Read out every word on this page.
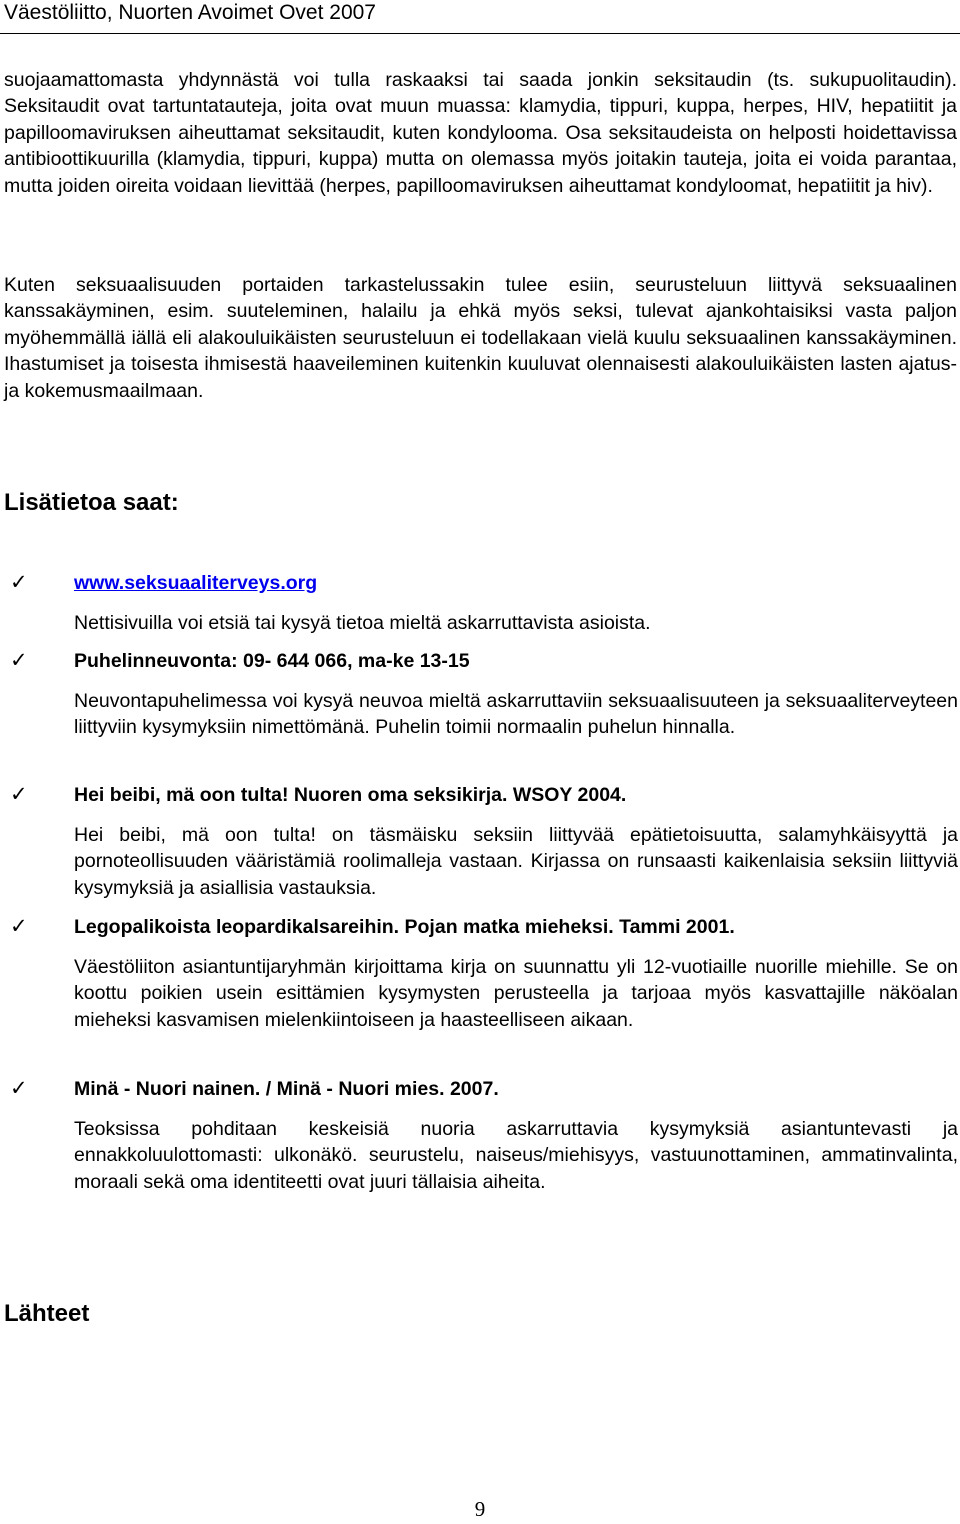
Väestöliitto, Nuorten Avoimet Ovet 2007
suojaamattomasta yhdynnästä voi tulla raskaaksi tai saada jonkin seksitaudin (ts. sukupuolitaudin). Seksitaudit ovat tartuntatauteja, joita ovat muun muassa: klamydia, tippuri, kuppa, herpes, HIV, hepatiitit ja papilloomaviruksen aiheuttamat seksitaudit, kuten kondylooma. Osa seksitaudeista on helposti hoidettavissa antibioottikuurilla (klamydia, tippuri, kuppa) mutta on olemassa myös joitakin tauteja, joita ei voida parantaa, mutta joiden oireita voidaan lievittää (herpes, papilloomaviruksen aiheuttamat kondyloomat, hepatiitit ja hiv).
Kuten seksuaalisuuden portaiden tarkastelussakin tulee esiin, seurusteluun liittyvä seksuaalinen kanssakäyminen, esim. suuteleminen, halailu ja ehkä myös seksi, tulevat ajankohtaisiksi vasta paljon myöhemmällä iällä eli alakouluikäisten seurusteluun ei todellakaan vielä kuulu seksuaalinen kanssakäyminen. Ihastumiset ja toisesta ihmisestä haaveileminen kuitenkin kuuluvat olennaisesti alakouluikäisten lasten ajatus- ja kokemusmaailmaan.
Lisätietoa saat:
✓ www.seksuaaliterveys.org
Nettisivuilla voi etsiä tai kysyä tietoa mieltä askarruttavista asioista.
✓ Puhelinneuvonta: 09- 644 066, ma-ke 13-15
Neuvontapuhelimessa voi kysyä neuvoa mieltä askarruttaviin seksuaalisuuteen ja seksuaaliterveyteen liittyviin kysymyksiin nimettömänä. Puhelin toimii normaalin puhelun hinnalla.
✓ Hei beibi, mä oon tulta! Nuoren oma seksikirja. WSOY 2004.
Hei beibi, mä oon tulta! on täsmäisku seksiin liittyvää epätietoisuutta, salamyhkäisyyttä ja pornoteollisuuden vääristämiä roolimalleja vastaan. Kirjassa on runsaasti kaikenlaisia seksiin liittyviä kysymyksiä ja asiallisia vastauksia.
✓ Legopalikoista leopardikalsareihin. Pojan matka mieheksi. Tammi 2001.
Väestöliiton asiantuntijaryhmän kirjoittama kirja on suunnattu yli 12-vuotiaille nuorille miehille. Se on koottu poikien usein esittämien kysymysten perusteella ja tarjoaa myös kasvattajille näköalan mieheksi kasvamisen mielenkiintoiseen ja haasteelliseen aikaan.
✓ Minä - Nuori nainen. / Minä - Nuori mies. 2007.
Teoksissa pohditaan keskeisiä nuoria askarruttavia kysymyksiä asiantuntevasti ja ennakkoluulottomasti: ulkonäkö. seurustelu, naiseus/miehisyys, vastuunottaminen, ammatinvalinta, moraali sekä oma identiteetti ovat juuri tällaisia aiheita.
Lähteet
9
